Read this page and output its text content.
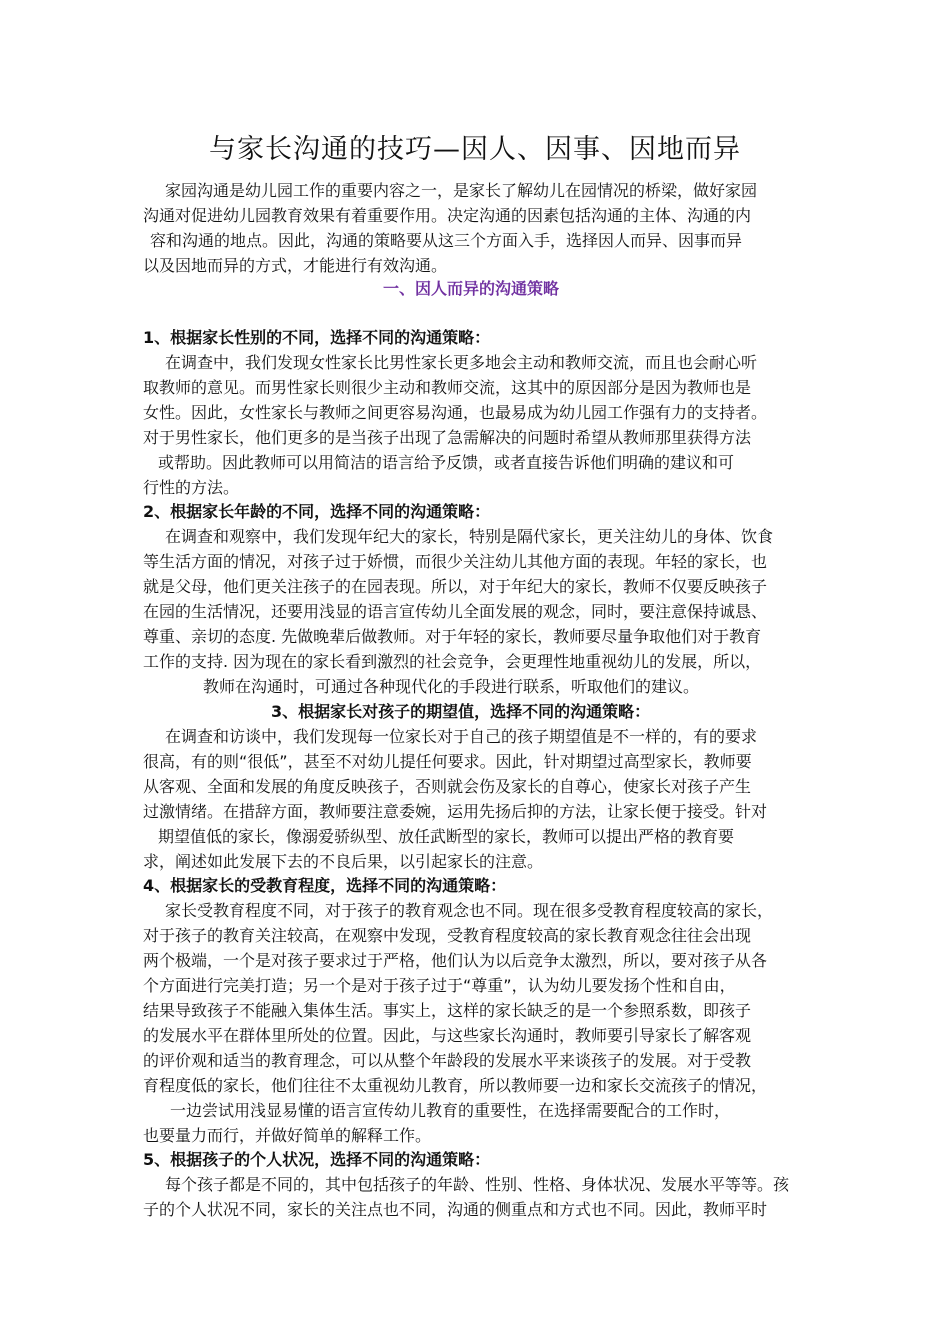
与家长沟通的技巧—因人、因事、因地而异
家园沟通是幼儿园工作的重要内容之一，是家长了解幼儿在园情况的桥梁，做好家园
沟通对促进幼儿园教育效果有着重要作用。决定沟通的因素包括沟通的主体、沟通的内
容和沟通的地点。因此，沟通的策略要从这三个方面入手，选择因人而异、因事而异
以及因地而异的方式，才能进行有效沟通。
一、因人而异的沟通策略
1、根据家长性别的不同，选择不同的沟通策略：
在调查中，我们发现女性家长比男性家长更多地会主动和教师交流，而且也会耐心听
取教师的意见。而男性家长则很少主动和教师交流，这其中的原因部分是因为教师也是
女性。因此，女性家长与教师之间更容易沟通，也最易成为幼儿园工作强有力的支持者。
对于男性家长，他们更多的是当孩子出现了急需解决的问题时希望从教师那里获得方法
或帮助。因此教师可以用简洁的语言给予反馈，或者直接告诉他们明确的建议和可
行性的方法。
2、根据家长年龄的不同，选择不同的沟通策略：
在调查和观察中，我们发现年纪大的家长，特别是隔代家长，更关注幼儿的身体、饮食
等生活方面的情况，对孩子过于娇惯，而很少关注幼儿其他方面的表现。年轻的家长，也
就是父母，他们更关注孩子的在园表现。所以，对于年纪大的家长，教师不仅要反映孩子
在园的生活情况，还要用浅显的语言宣传幼儿全面发展的观念，同时，要注意保持诚恳、
尊重、亲切的态度. 先做晚辈后做教师。对于年轻的家长，教师要尽量争取他们对于教育
工作的支持. 因为现在的家长看到激烈的社会竞争，会更理性地重视幼儿的发展，所以，
教师在沟通时，可通过各种现代化的手段进行联系，听取他们的建议。
3、根据家长对孩子的期望值，选择不同的沟通策略：
在调查和访谈中，我们发现每一位家长对于自己的孩子期望值是不一样的，有的要求
很高，有的则“很低”，甚至不对幼儿提任何要求。因此，针对期望过高型家长，教师要
从客观、全面和发展的角度反映孩子，否则就会伤及家长的自尊心，使家长对孩子产生
过激情绪。在措辞方面，教师要注意委婉，运用先扬后抑的方法，让家长便于接受。针对
期望值低的家长，像溺爱骄纵型、放任武断型的家长，教师可以提出严格的教育要
求，阐述如此发展下去的不良后果，以引起家长的注意。
4、根据家长的受教育程度，选择不同的沟通策略：
家长受教育程度不同，对于孩子的教育观念也不同。现在很多受教育程度较高的家长，
对于孩子的教育关注较高，在观察中发现，受教育程度较高的家长教育观念往往会出现
两个极端，一个是对孩子要求过于严格，他们认为以后竞争太激烈，所以，要对孩子从各
个方面进行完美打造；另一个是对于孩子过于“尊重”，认为幼儿要发扬个性和自由，
结果导致孩子不能融入集体生活。事实上，这样的家长缺乏的是一个参照系数，即孩子
的发展水平在群体里所处的位置。因此，与这些家长沟通时，教师要引导家长了解客观
的评价观和适当的教育理念，可以从整个年龄段的发展水平来谈孩子的发展。对于受教
育程度低的家长，他们往往不太重视幼儿教育，所以教师要一边和家长交流孩子的情况，
一边尝试用浅显易懂的语言宣传幼儿教育的重要性，在选择需要配合的工作时，
也要量力而行，并做好简单的解释工作。
5、根据孩子的个人状况，选择不同的沟通策略：
每个孩子都是不同的，其中包括孩子的年龄、性别、性格、身体状况、发展水平等等。孩
子的个人状况不同，家长的关注点也不同，沟通的侧重点和方式也不同。因此，教师平时
